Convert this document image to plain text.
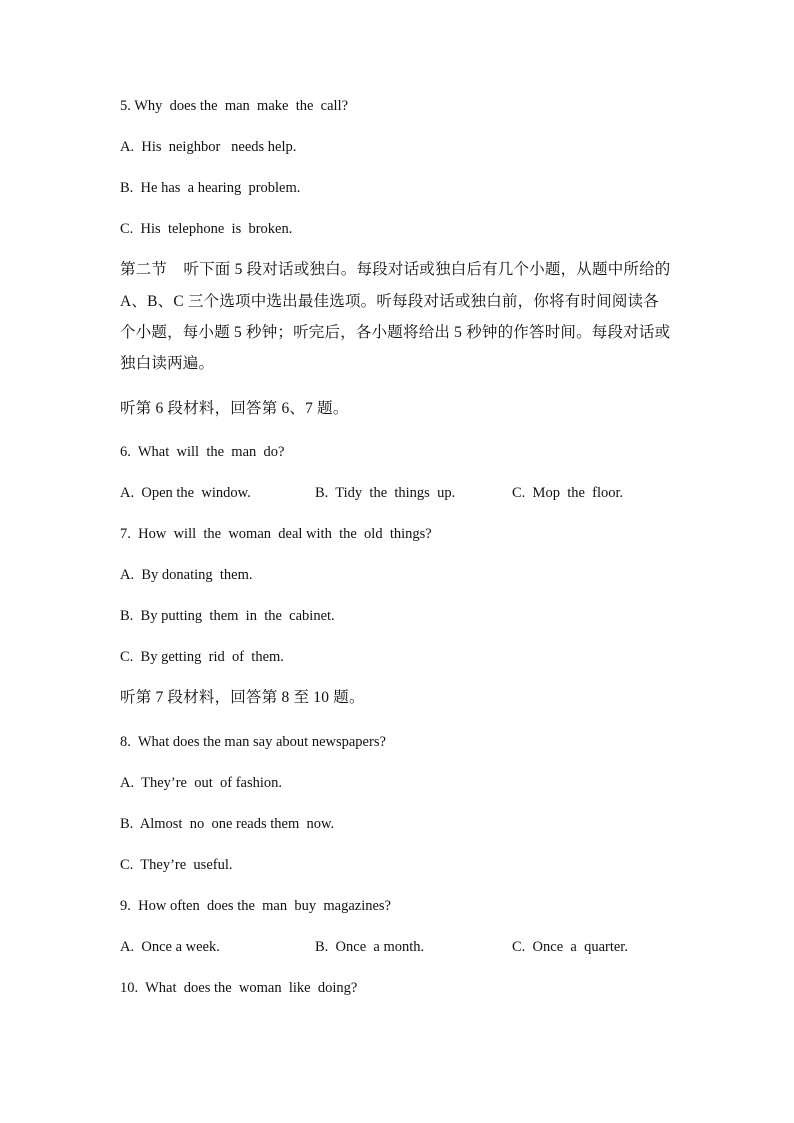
5. Why  does the  man  make  the  call?
A.  His  neighbor   needs help.
B.  He has  a hearing  problem.
C.  His  telephone  is  broken.
第二节    听下面 5 段对话或独白。每段对话或独白后有几个小题，从题中所给的
A、B、C 三个选项中选出最佳选项。听每段对话或独白前，你将有时间阅读各
个小题，每小题 5 秒钟；听完后，各小题将给出 5 秒钟的作答时间。每段对话或
独白读两遍。
听第 6 段材料，回答第 6、7 题。
6.  What  will  the  man  do?
A.  Open the  window.	B.  Tidy  the  things  up.	C.  Mop  the  floor.
7.  How  will  the  woman  deal with  the  old  things?
A.  By donating  them.
B.  By putting  them  in  the  cabinet.
C.  By getting  rid  of  them.
听第 7 段材料，回答第 8 至 10 题。
8.  What does the man say about newspapers?
A.  They’re  out  of fashion.
B.  Almost  no  one reads them  now.
C.  They’re  useful.
9.  How often  does the  man  buy  magazines?
A.  Once a week.	B.  Once  a month.	C.  Once  a  quarter.
10.  What  does the  woman  like  doing?
